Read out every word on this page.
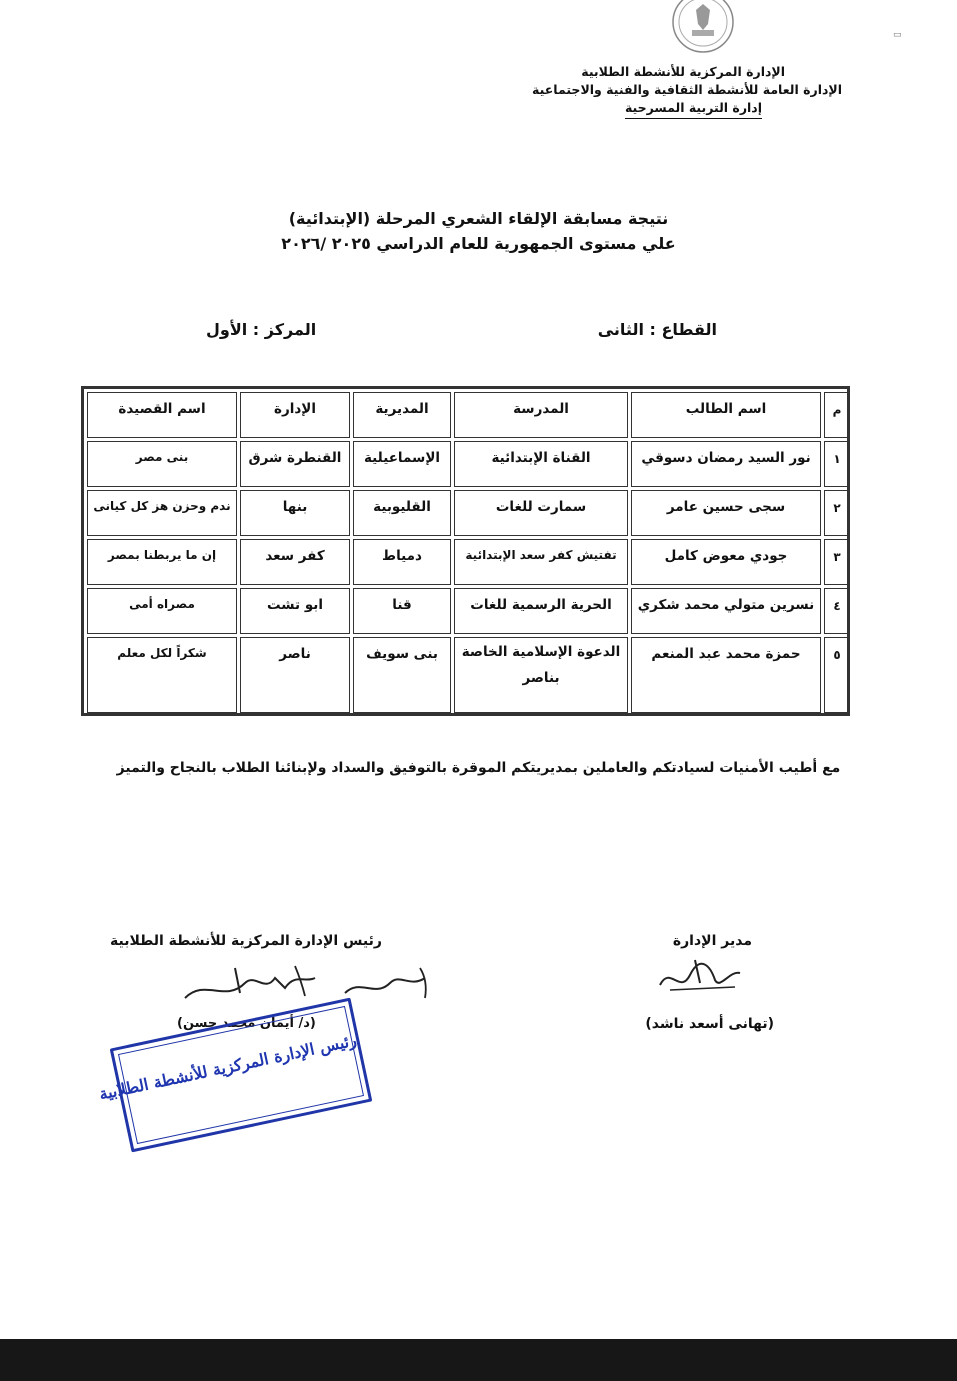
▭
الإدارة المركزية للأنشطة الطلابية
الإدارة العامة للأنشطة الثقافية والفنية والاجتماعية
إدارة التربية المسرحية
نتيجة مسابقة الإلقاء الشعري المرحلة (الإبتدائية)
علي مستوى الجمهورية للعام الدراسي ٢٠٢٥ /٢٠٢٦
القطاع : الثانى
المركز : الأول
م	اسم الطالب	المدرسة	المديرية	الإدارة	اسم القصيدة
١	نور السيد رمضان دسوقي	القناة الإبتدائية	الإسماعيلية	القنطرة شرق	بنى مصر
٢	سجى حسين عامر	سمارت للغات	القليوبية	بنها	ندم وحزن هز كل كيانى
٣	جودي معوض كامل	تفتيش كفر سعد الإبتدائية	دمياط	كفر سعد	إن ما يربطنا بمصر
٤	نسرين متولي محمد شكري	الحرية الرسمية للغات	قنا	ابو تشت	مصراه أمى
٥	حمزة محمد عبد المنعم	الدعوة الإسلامية الخاصة بناصر	بنى سويف	ناصر	شكراً لكل معلم
مع أطيب الأمنيات لسيادتكم والعاملين بمديريتكم الموقرة بالتوفيق والسداد ولإبنائنا الطلاب بالنجاح والتميز
مدير الإدارة
رئيس الإدارة المركزية للأنشطة الطلابية
(تهانى أسعد ناشد)
(د/ أيمان محمد حسن)
رئيس الإدارة المركزية للأنشطة الطلابية
